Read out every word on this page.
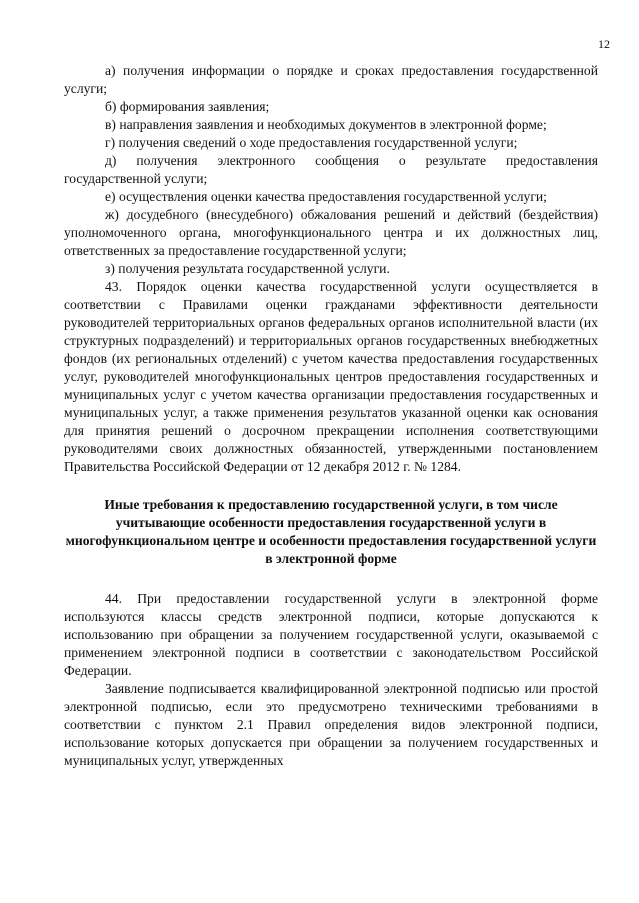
12

а) получения информации о порядке и сроках предоставления государственной услуги;

б) формирования заявления;

в) направления заявления и необходимых документов в электронной форме;

г) получения сведений о ходе предоставления государственной услуги;

д) получения электронного сообщения о результате предоставления государственной услуги;

е) осуществления оценки качества предоставления государственной услуги;

ж) досудебного (внесудебного) обжалования решений и действий (бездействия) уполномоченного органа, многофункционального центра и их должностных лиц, ответственных за предоставление государственной услуги;

з) получения результата государственной услуги.

43. Порядок оценки качества государственной услуги осуществляется в соответствии с Правилами оценки гражданами эффективности деятельности руководителей территориальных органов федеральных органов исполнительной власти (их структурных подразделений) и территориальных органов государственных внебюджетных фондов (их региональных отделений) с учетом качества предоставления государственных услуг, руководителей многофункциональных центров предоставления государственных и муниципальных услуг с учетом качества организации предоставления государственных и муниципальных услуг, а также применения результатов указанной оценки как основания для принятия решений о досрочном прекращении исполнения соответствующими руководителями своих должностных обязанностей, утвержденными постановлением Правительства Российской Федерации от 12 декабря 2012 г. № 1284.

Иные требования к предоставлению государственной услуги, в том числе учитывающие особенности предоставления государственной услуги в многофункциональном центре и особенности предоставления государственной услуги в электронной форме

44. При предоставлении государственной услуги в электронной форме используются классы средств электронной подписи, которые допускаются к использованию при обращении за получением государственной услуги, оказываемой с применением электронной подписи в соответствии с законодательством Российской Федерации.

Заявление подписывается квалифицированной электронной подписью или простой электронной подписью, если это предусмотрено техническими требованиями в соответствии с пунктом 2.1 Правил определения видов электронной подписи, использование которых допускается при обращении за получением государственных и муниципальных услуг, утвержденных
